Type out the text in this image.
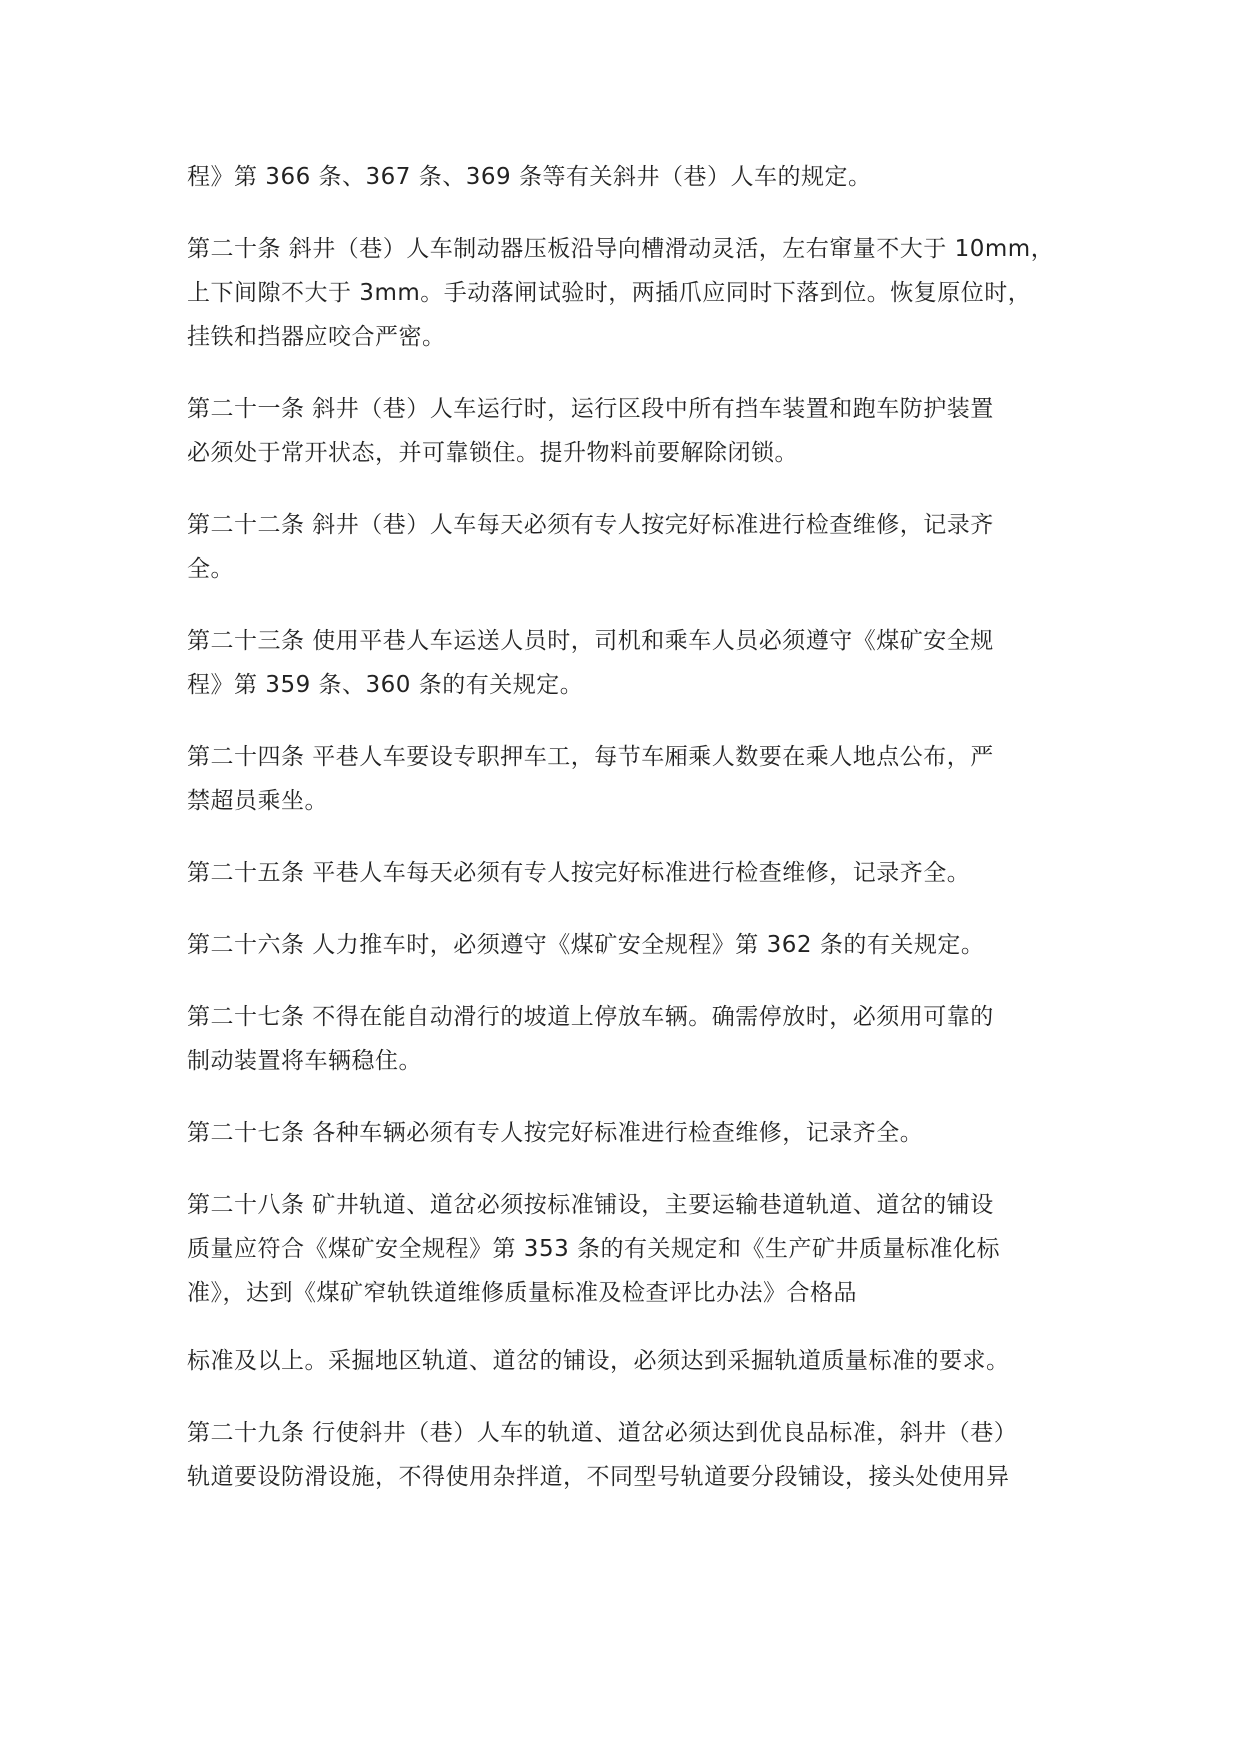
程》第 366 条、367 条、369 条等有关斜井（巷）人车的规定。

第二十条 斜井（巷）人车制动器压板沿导向槽滑动灵活，左右窜量不大于 10mm，
上下间隙不大于 3mm。手动落闸试验时，两插爪应同时下落到位。恢复原位时，
挂铁和挡器应咬合严密。

第二十一条 斜井（巷）人车运行时，运行区段中所有挡车装置和跑车防护装置
必须处于常开状态，并可靠锁住。提升物料前要解除闭锁。

第二十二条 斜井（巷）人车每天必须有专人按完好标准进行检查维修，记录齐
全。

第二十三条 使用平巷人车运送人员时，司机和乘车人员必须遵守《煤矿安全规
程》第 359 条、360 条的有关规定。

第二十四条 平巷人车要设专职押车工，每节车厢乘人数要在乘人地点公布，严
禁超员乘坐。

第二十五条 平巷人车每天必须有专人按完好标准进行检查维修，记录齐全。

第二十六条 人力推车时，必须遵守《煤矿安全规程》第 362 条的有关规定。

第二十七条 不得在能自动滑行的坡道上停放车辆。确需停放时，必须用可靠的
制动装置将车辆稳住。

第二十七条 各种车辆必须有专人按完好标准进行检查维修，记录齐全。

第二十八条 矿井轨道、道岔必须按标准铺设，主要运输巷道轨道、道岔的铺设
质量应符合《煤矿安全规程》第 353 条的有关规定和《生产矿井质量标准化标
准》，达到《煤矿窄轨铁道维修质量标准及检查评比办法》合格品

标准及以上。采掘地区轨道、道岔的铺设，必须达到采掘轨道质量标准的要求。

第二十九条 行使斜井（巷）人车的轨道、道岔必须达到优良品标准，斜井（巷）
轨道要设防滑设施，不得使用杂拌道，不同型号轨道要分段铺设，接头处使用异
